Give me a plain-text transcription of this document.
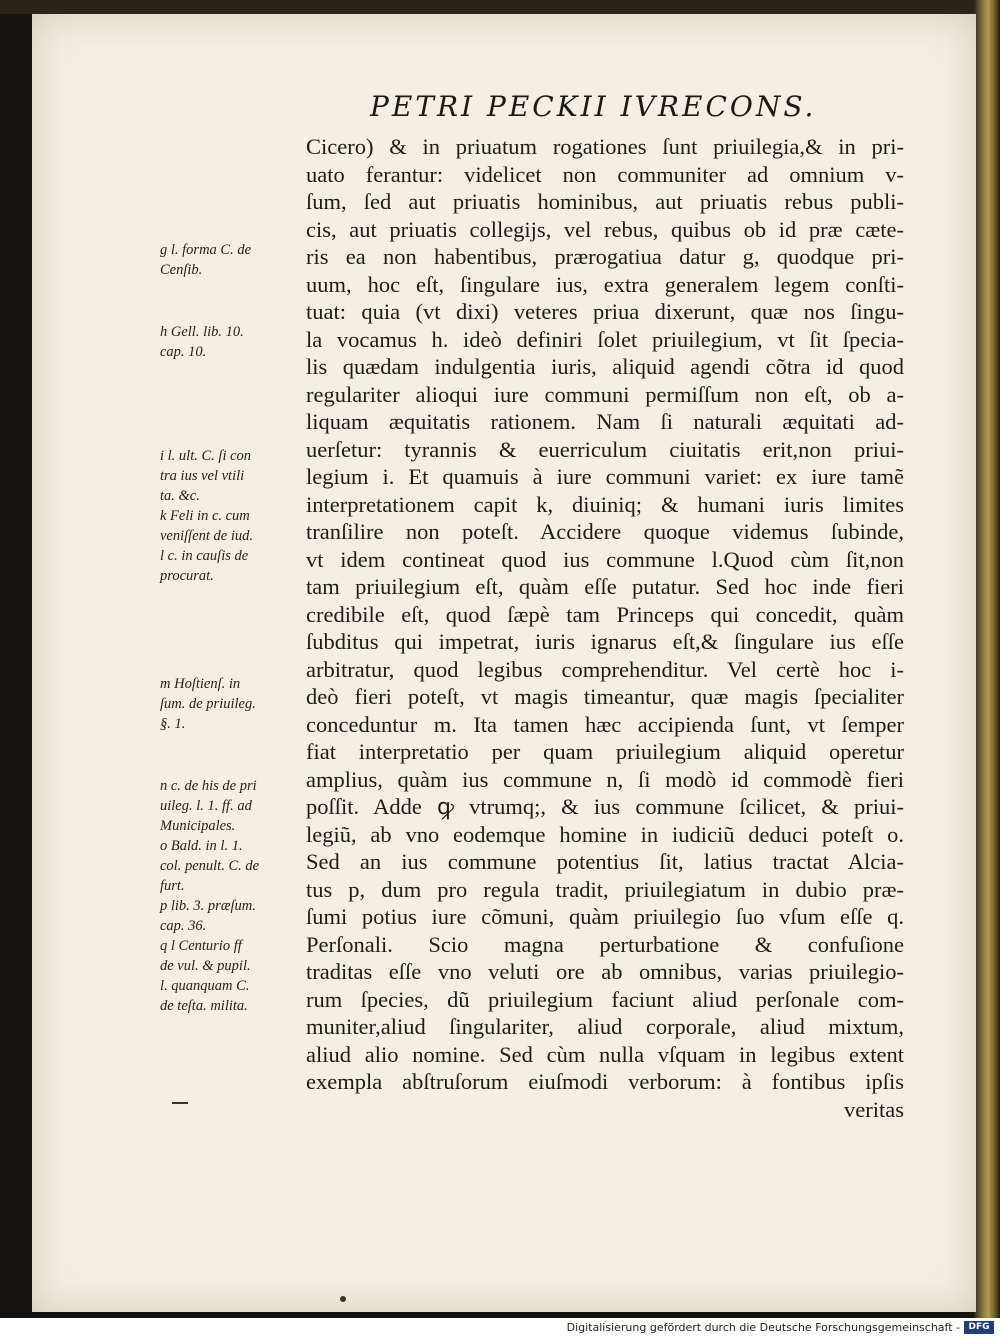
PETRI PECKII IVRECONS.
Cicero) & in priuatum rogationes ſunt priuilegia,& in pri-
uato ferantur: videlicet non communiter ad omnium v-
ſum, ſed aut priuatis hominibus, aut priuatis rebus publi-
cis, aut priuatis collegijs, vel rebus, quibus ob id præ cæte-
ris ea non habentibus, prærogatiua datur g, quodque pri-
uum, hoc eſt, ſingulare ius, extra generalem legem conſti-
tuat: quia (vt dixi) veteres priua dixerunt, quæ nos ſingu-
la vocamus h. ideò definiri ſolet priuilegium, vt ſit ſpecia-
lis quædam indulgentia iuris, aliquid agendi cõtra id quod
regulariter alioqui iure communi permiſſum non eſt, ob a-
liquam æquitatis rationem. Nam ſi naturali æquitati ad-
uerſetur: tyrannis & euerriculum ciuitatis erit,non priui-
legium i. Et quamuis à iure communi variet: ex iure tamẽ
interpretationem capit k, diuiniq; & humani iuris limites
tranſilire non poteſt. Accidere quoque videmus ſubinde,
vt idem contineat quod ius commune l.Quod cùm ſit,non
tam priuilegium eſt, quàm eſſe putatur. Sed hoc inde fieri
credibile eſt, quod ſæpè tam Princeps qui concedit, quàm
ſubditus qui impetrat, iuris ignarus eſt,& ſingulare ius eſſe
arbitratur, quod legibus comprehenditur. Vel certè hoc i-
deò fieri poteſt, vt magis timeantur, quæ magis ſpecialiter
conceduntur m. Ita tamen hæc accipienda ſunt, vt ſemper
fiat interpretatio per quam priuilegium aliquid operetur
amplius, quàm ius commune n, ſi modò id commodè fieri
poſſit. Adde ꝙ vtrumq;, & ius commune ſcilicet, & priui-
legiũ, ab vno eodemque homine in iudiciũ deduci poteſt o.
Sed an ius commune potentius ſit, latius tractat Alcia-
tus p, dum pro regula tradit, priuilegiatum in dubio præ-
ſumi potius iure cõmuni, quàm priuilegio ſuo vſum eſſe q.
Perſonali. Scio magna perturbatione & confuſione
traditas eſſe vno veluti ore ab omnibus, varias priuilegio-
rum ſpecies, dũ priuilegium faciunt aliud perſonale com-
muniter,aliud ſingulariter, aliud corporale, aliud mixtum,
aliud alio nomine. Sed cùm nulla vſquam in legibus extent
exempla abſtruſorum eiuſmodi verborum: à fontibus ipſis
veritas
g l. forma C. de
Cenſib.
h Gell. lib. 10.
cap. 10.
i l. ult. C. ſi con
tra ius vel vtili
ta. &c.
k Feli in c. cum
veniſſent de iud.
l c. in cauſis de
procurat.
m Hoſtienſ. in
ſum. de priuileg.
§. 1.
n c. de his de pri
uileg. l. 1. ff. ad
Municipales.
o Bald. in l. 1.
col. penult. C. de
furt.
p lib. 3. præſum.
cap. 36.
q l Centurio ff
de vul. & pupil.
l. quanquam C.
de teſta. milita.
Digitalisierung gefördert durch die Deutsche Forschungsgemeinschaft - DFG
